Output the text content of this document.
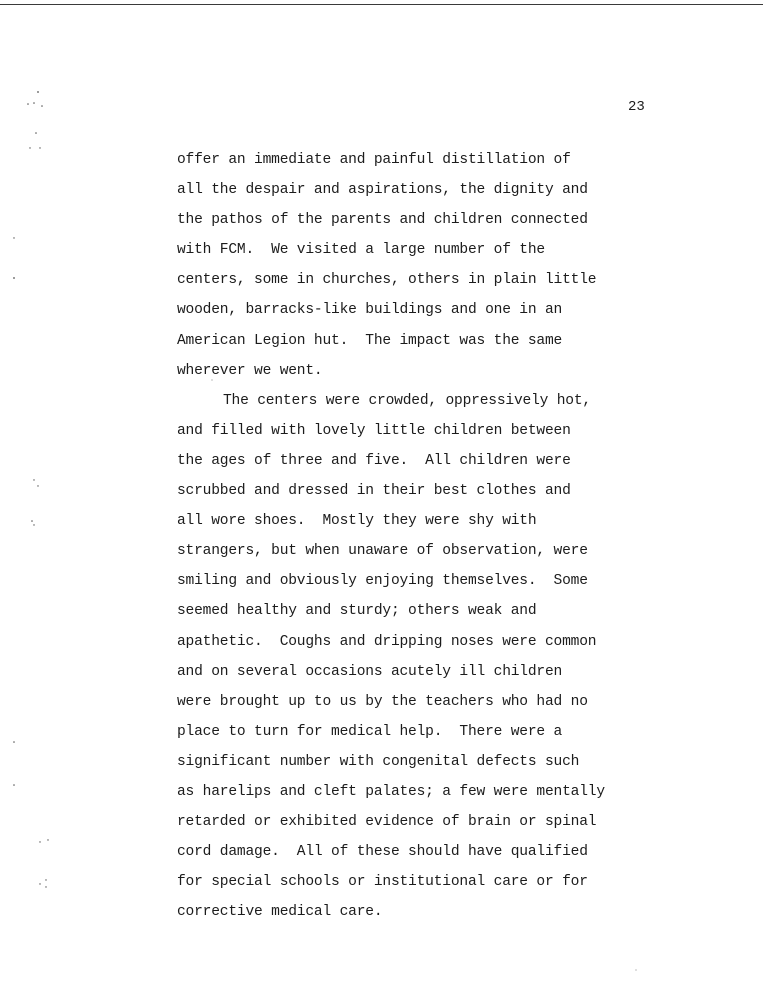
23
offer an immediate and painful distillation of
all the despair and aspirations, the dignity and
the pathos of the parents and children connected
with FCM.  We visited a large number of the
centers, some in churches, others in plain little
wooden, barracks-like buildings and one in an
American Legion hut.  The impact was the same
wherever we went.
The centers were crowded, oppressively hot,
and filled with lovely little children between
the ages of three and five.  All children were
scrubbed and dressed in their best clothes and
all wore shoes.  Mostly they were shy with
strangers, but when unaware of observation, were
smiling and obviously enjoying themselves.  Some
seemed healthy and sturdy; others weak and
apathetic.  Coughs and dripping noses were common
and on several occasions acutely ill children
were brought up to us by the teachers who had no
place to turn for medical help.  There were a
significant number with congenital defects such
as harelips and cleft palates; a few were mentally
retarded or exhibited evidence of brain or spinal
cord damage.  All of these should have qualified
for special schools or institutional care or for
corrective medical care.
